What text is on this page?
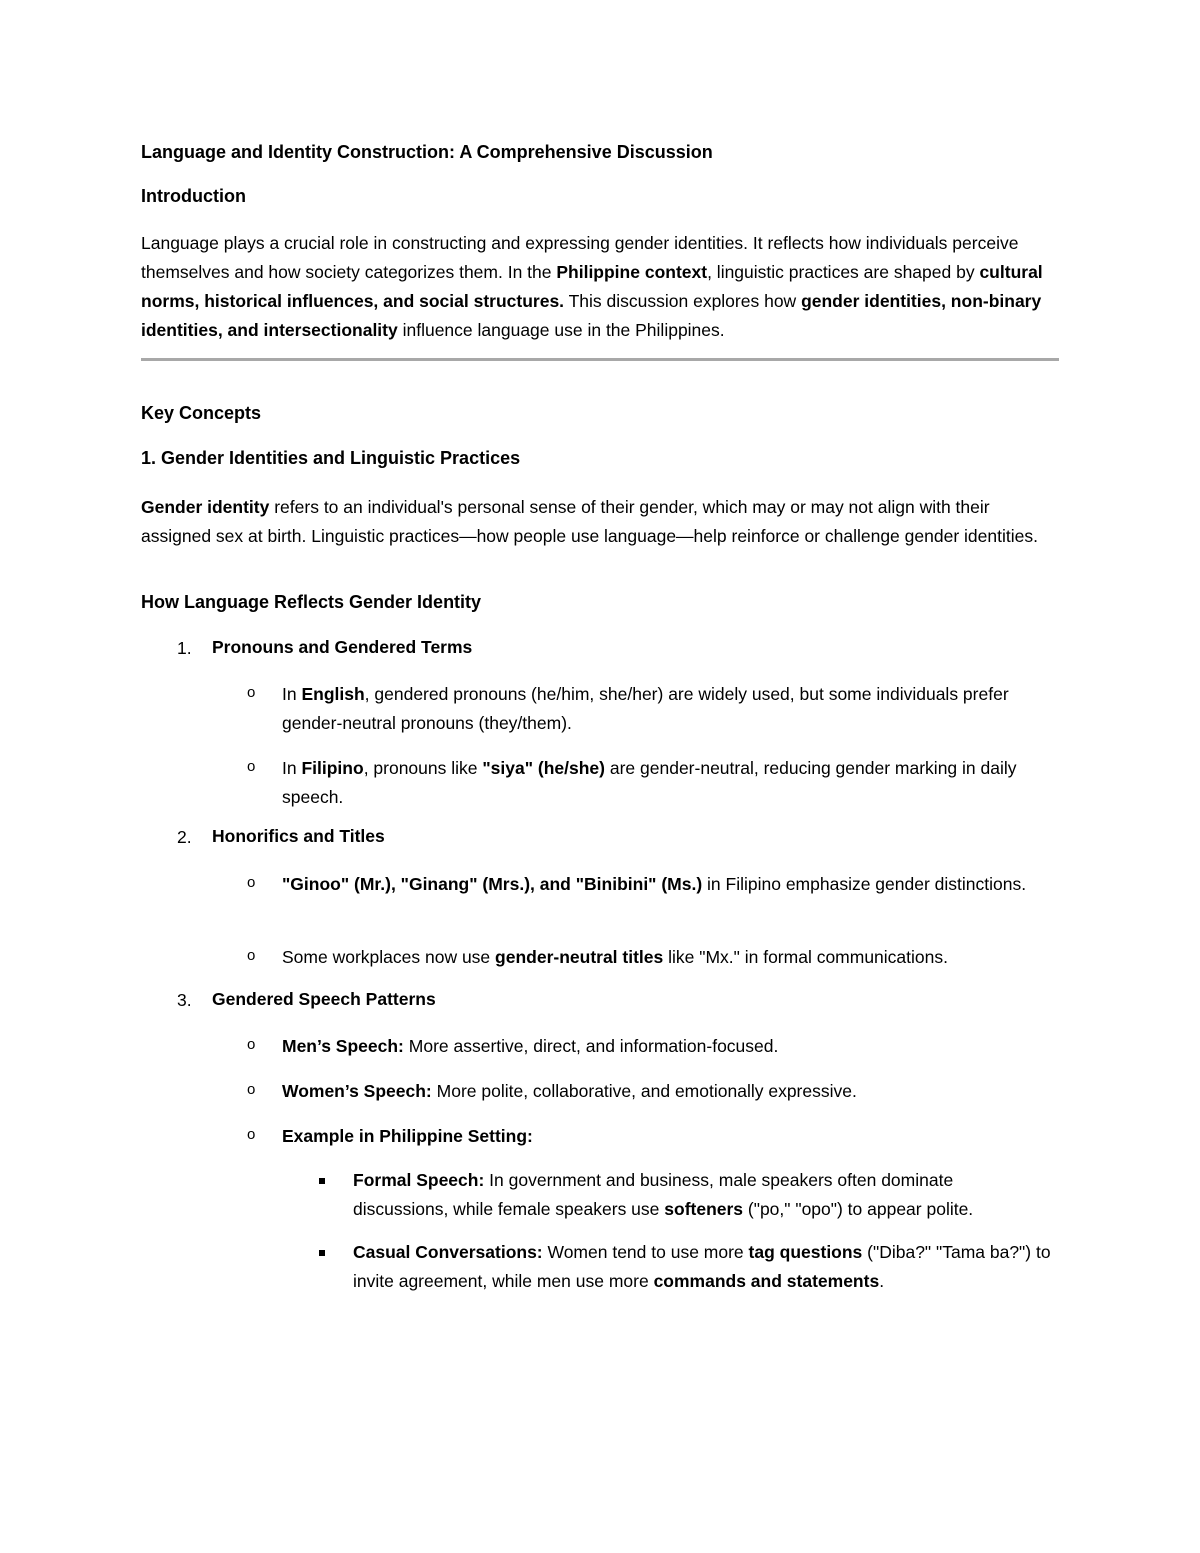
Language and Identity Construction: A Comprehensive Discussion
Introduction
Language plays a crucial role in constructing and expressing gender identities. It reflects how individuals perceive themselves and how society categorizes them. In the Philippine context, linguistic practices are shaped by cultural norms, historical influences, and social structures. This discussion explores how gender identities, non-binary identities, and intersectionality influence language use in the Philippines.
Key Concepts
1. Gender Identities and Linguistic Practices
Gender identity refers to an individual's personal sense of their gender, which may or may not align with their assigned sex at birth. Linguistic practices—how people use language—help reinforce or challenge gender identities.
How Language Reflects Gender Identity
1. Pronouns and Gendered Terms
o In English, gendered pronouns (he/him, she/her) are widely used, but some individuals prefer gender-neutral pronouns (they/them).
o In Filipino, pronouns like "siya" (he/she) are gender-neutral, reducing gender marking in daily speech.
2. Honorifics and Titles
o "Ginoo" (Mr.), "Ginang" (Mrs.), and "Binibini" (Ms.) in Filipino emphasize gender distinctions.
o Some workplaces now use gender-neutral titles like "Mx." in formal communications.
3. Gendered Speech Patterns
o Men’s Speech: More assertive, direct, and information-focused.
o Women’s Speech: More polite, collaborative, and emotionally expressive.
o Example in Philippine Setting:
Formal Speech: In government and business, male speakers often dominate discussions, while female speakers use softeners ("po," "opo") to appear polite.
Casual Conversations: Women tend to use more tag questions ("Diba?" "Tama ba?") to invite agreement, while men use more commands and statements.
